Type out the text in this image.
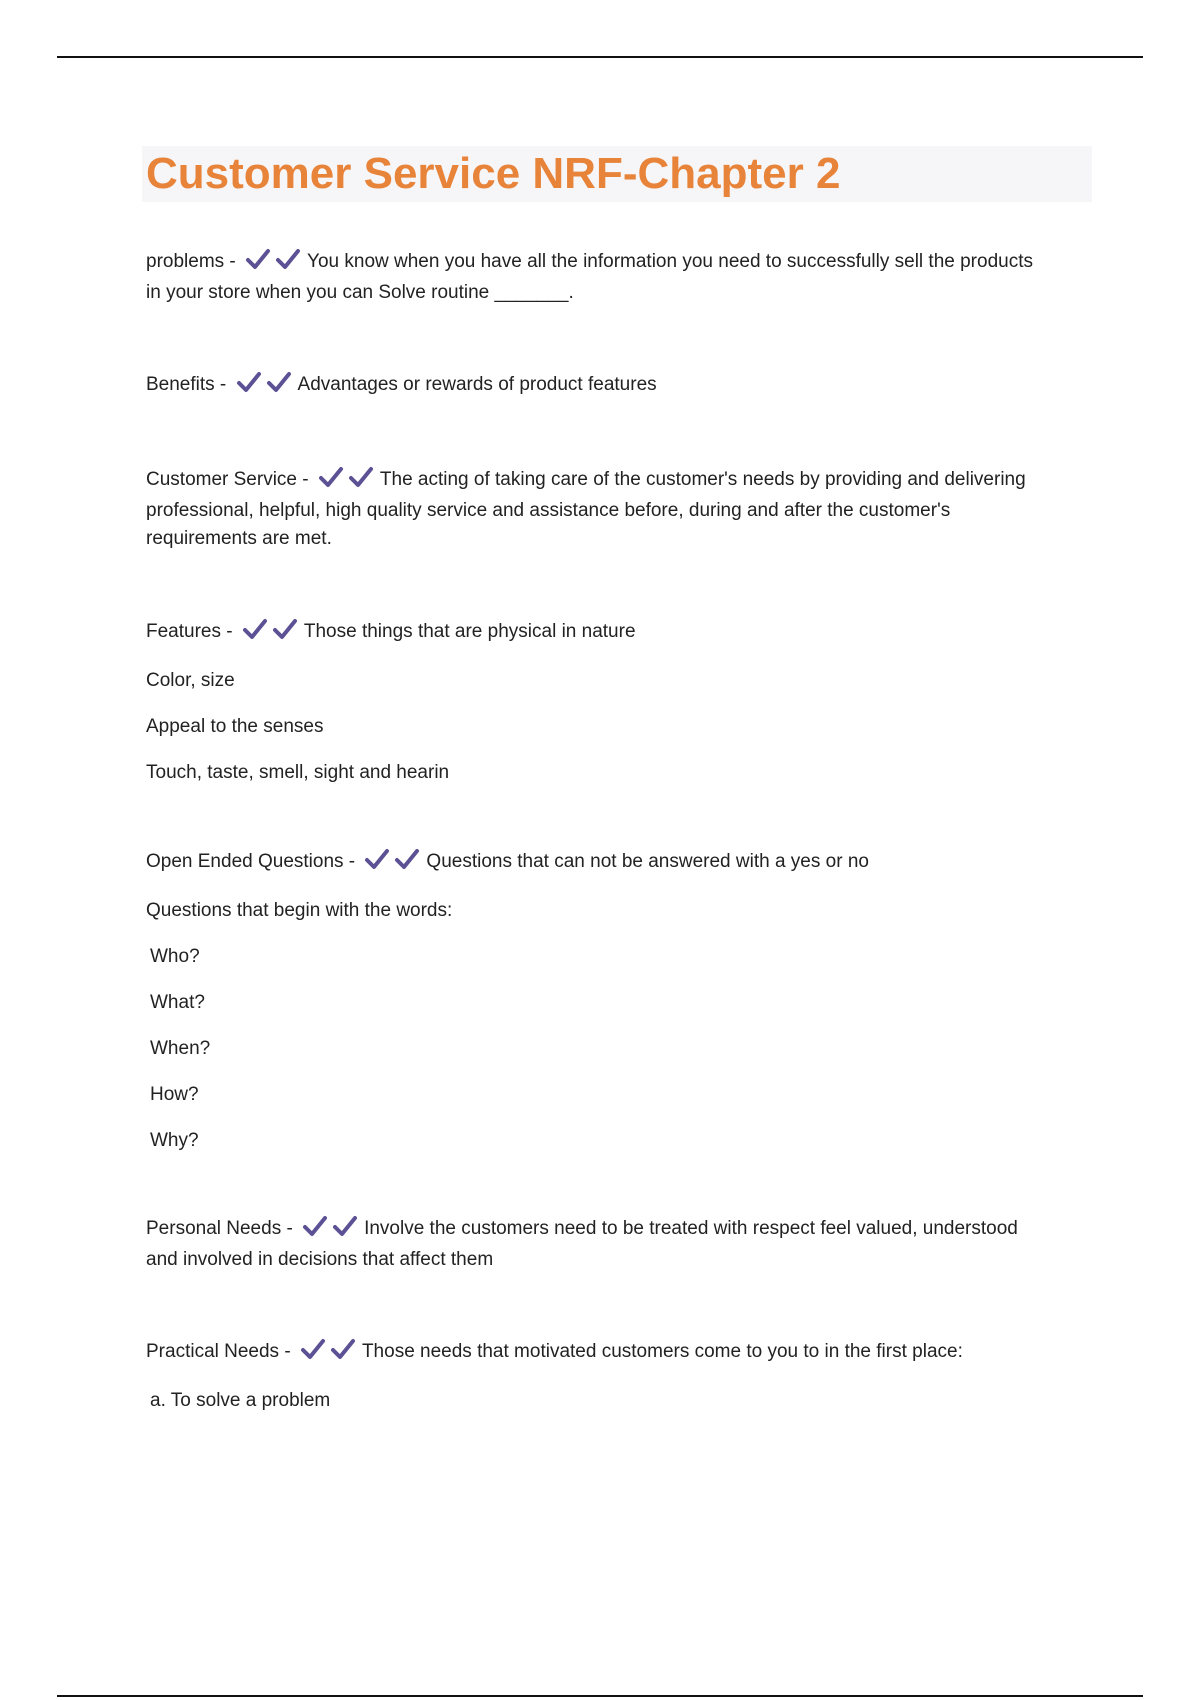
Customer Service NRF-Chapter 2

problems -	You know when you have all the information you need to successfully sell the products

in your store when you can Solve routine _______.

Benefits -	Advantages or rewards of product features

Customer Service -	The acting of taking care of the customer's needs by providing and delivering

professional, helpful, high quality service and assistance before, during and after the customer's

requirements are met.

Features -	Those things that are physical in nature

Color, size

Appeal to the senses

Touch, taste, smell, sight and hearin

Open Ended Questions -	Questions that can not be answered with a yes or no

Questions that begin with the words:

Who?

What?

When?

How?

Why?

Personal Needs -	Involve the customers need to be treated with respect feel valued, understood

and involved in decisions that affect them

Practical Needs -	Those needs that motivated customers come to you to in the first place:

a. To solve a problem
